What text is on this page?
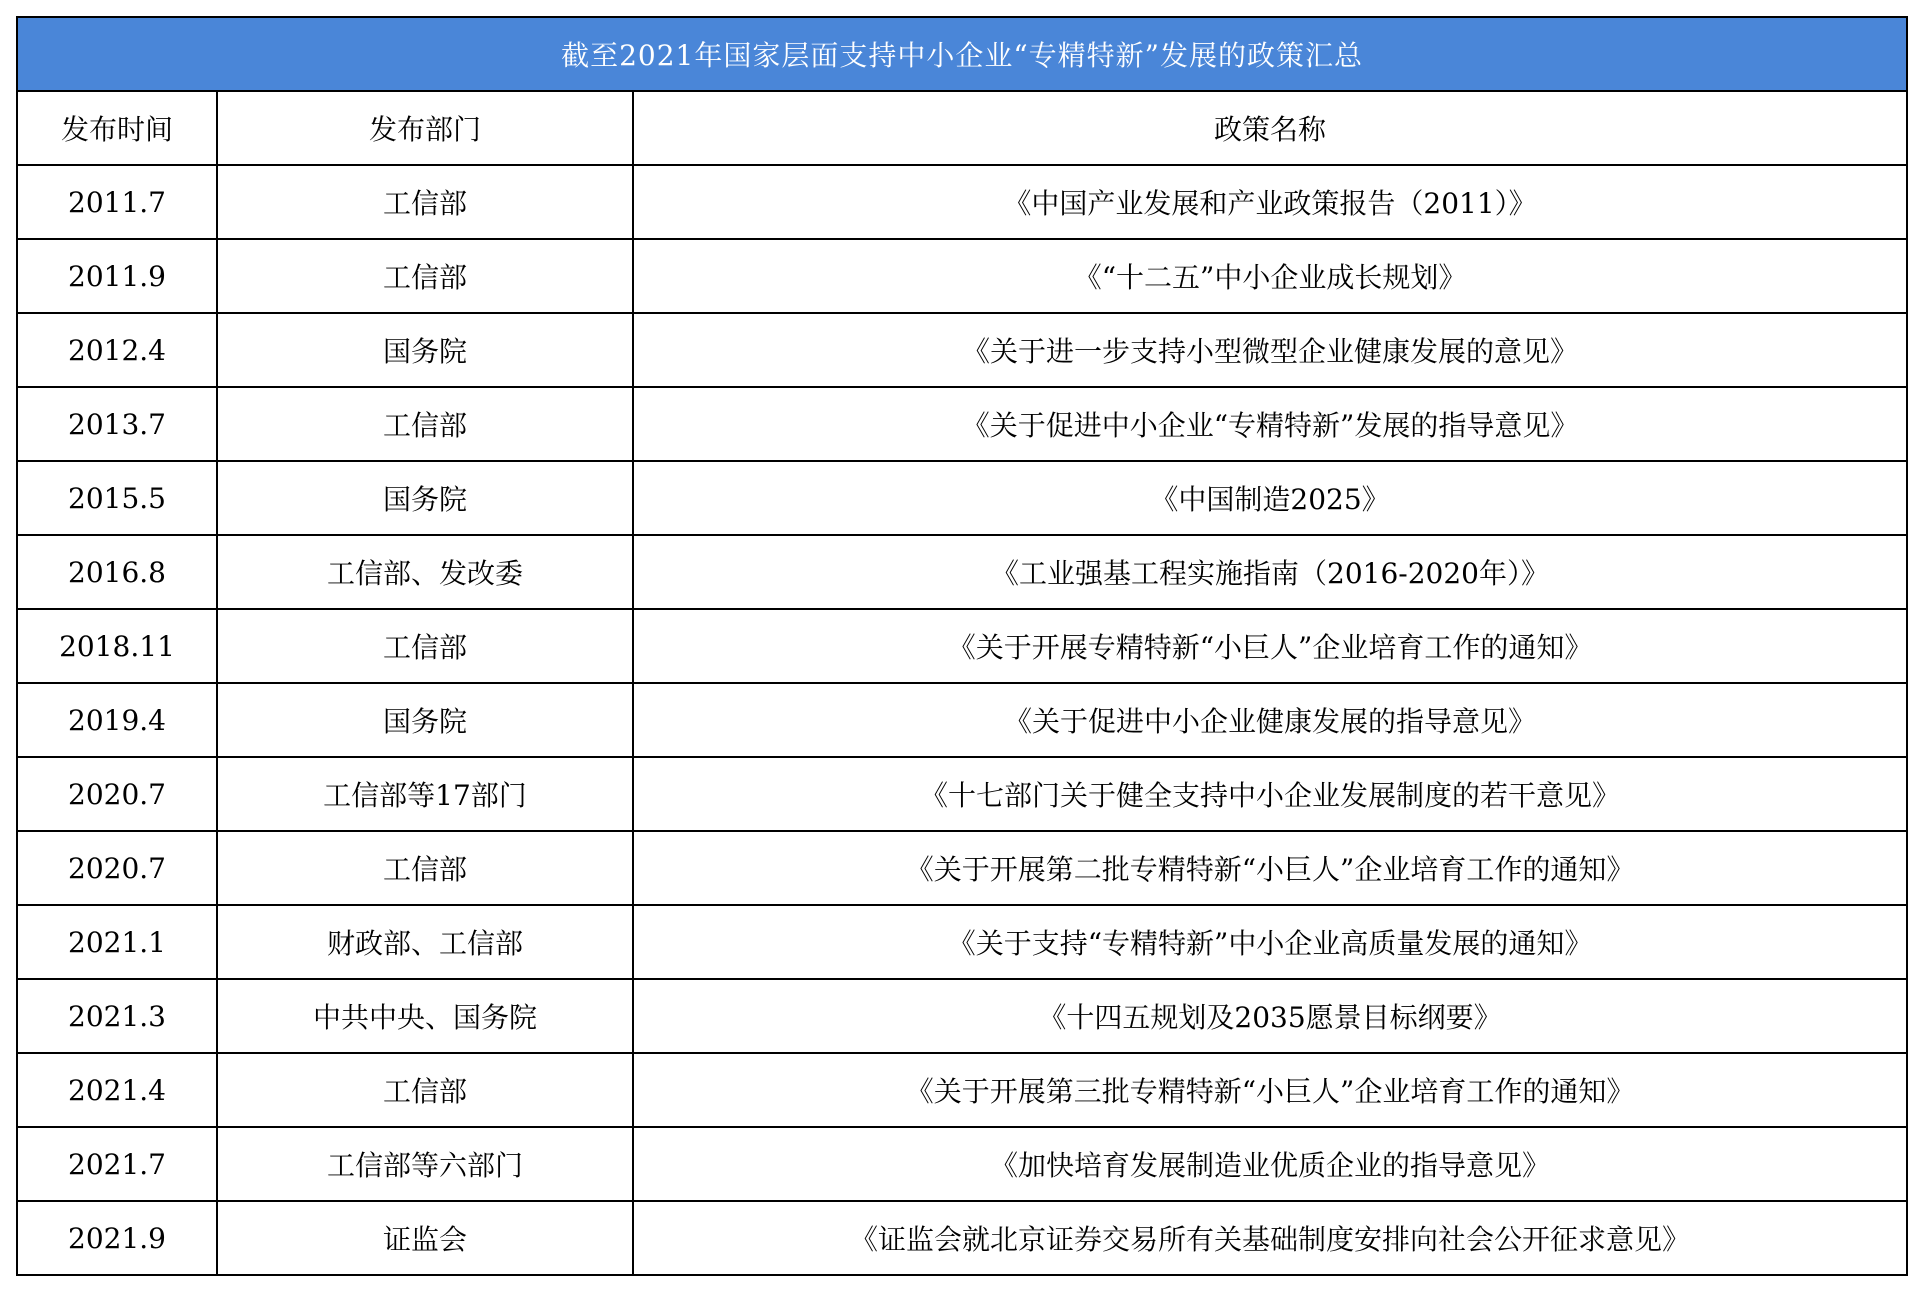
截至2021年国家层面支持中小企业“专精特新”发展的政策汇总		
发布时间	发布部门	政策名称
2011.7	工信部	《中国产业发展和产业政策报告（2011）》
2011.9	工信部	《“十二五”中小企业成长规划》
2012.4	国务院	《关于进一步支持小型微型企业健康发展的意见》
2013.7	工信部	《关于促进中小企业“专精特新”发展的指导意见》
2015.5	国务院	《中国制造2025》
2016.8	工信部、发改委	《工业强基工程实施指南（2016-2020年）》
2018.11	工信部	《关于开展专精特新“小巨人”企业培育工作的通知》
2019.4	国务院	《关于促进中小企业健康发展的指导意见》
2020.7	工信部等17部门	《十七部门关于健全支持中小企业发展制度的若干意见》
2020.7	工信部	《关于开展第二批专精特新“小巨人”企业培育工作的通知》
2021.1	财政部、工信部	《关于支持“专精特新”中小企业高质量发展的通知》
2021.3	中共中央、国务院	《十四五规划及2035愿景目标纲要》
2021.4	工信部	《关于开展第三批专精特新“小巨人”企业培育工作的通知》
2021.7	工信部等六部门	《加快培育发展制造业优质企业的指导意见》
2021.9	证监会	《证监会就北京证券交易所有关基础制度安排向社会公开征求意见》
